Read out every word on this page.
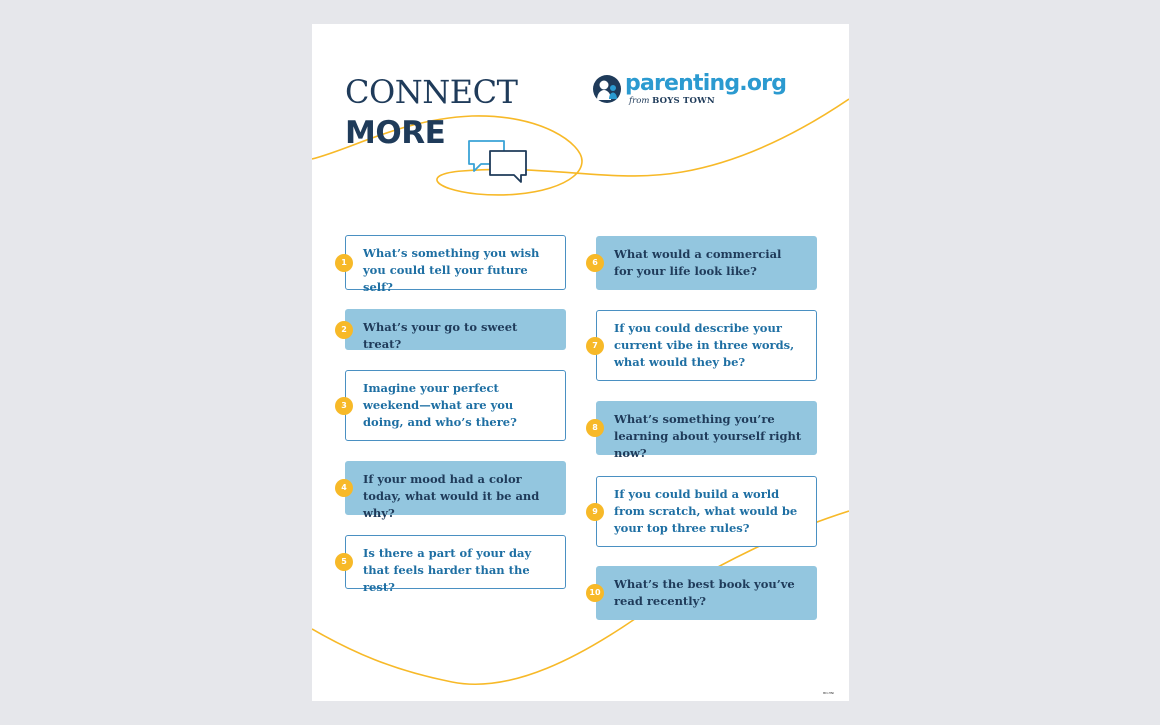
CONNECT
MORE
parenting.org
from BOYS TOWN
What’s something you wish you could tell your future self?
1
What’s your go to sweet treat?
2
Imagine your perfect weekend—what are you doing, and who’s there?
3
If your mood had a color today, what would it be and why?
4
Is there a part of your day that feels harder than the rest?
5
What would a commercial for your life look like?
6
If you could describe your current vibe in three words, what would they be?
7
What’s something you’re learning about yourself right now?
8
If you could build a world from scratch, what would be your top three rules?
9
What’s the best book you’ve read recently?
10
BD-HNI
